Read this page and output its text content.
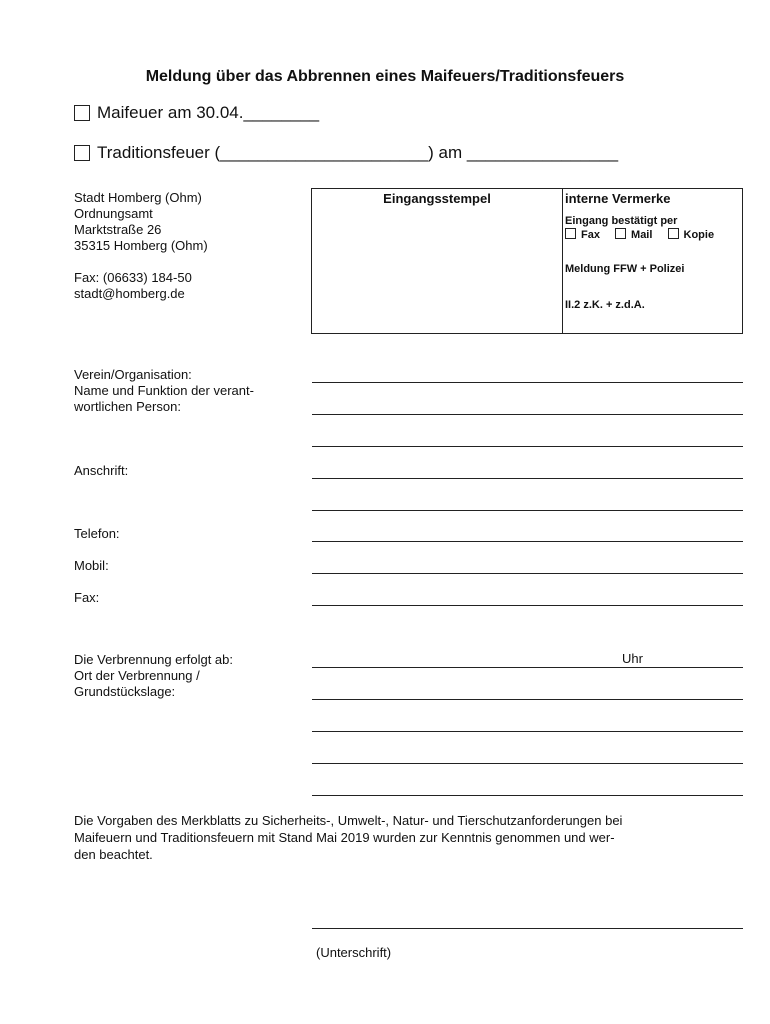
Meldung über das Abbrennen eines Maifeuers/Traditionsfeuers
Maifeuer am 30.04.________
Traditionsfeuer (______________________) am ________________
Stadt Homberg (Ohm)
Ordnungsamt
Marktstraße 26
35315 Homberg (Ohm)
Fax: (06633) 184-50
stadt@homberg.de
Eingangsstempel	interne Vermerke
Eingang bestätigt per
Fax	Mail	Kopie
Meldung FFW + Polizei
II.2 z.K. + z.d.A.
Verein/Organisation:
Name und Funktion der verant-
wortlichen Person:
Anschrift:
Telefon:
Mobil:
Fax:
Die Verbrennung erfolgt ab:
Ort der Verbrennung /
Grundstückslage:
Uhr
Die Vorgaben des Merkblatts zu Sicherheits-, Umwelt-, Natur- und Tierschutzanforderungen bei
Maifeuern und Traditionsfeuern mit Stand Mai 2019 wurden zur Kenntnis genommen und wer-
den beachtet.
(Unterschrift)
